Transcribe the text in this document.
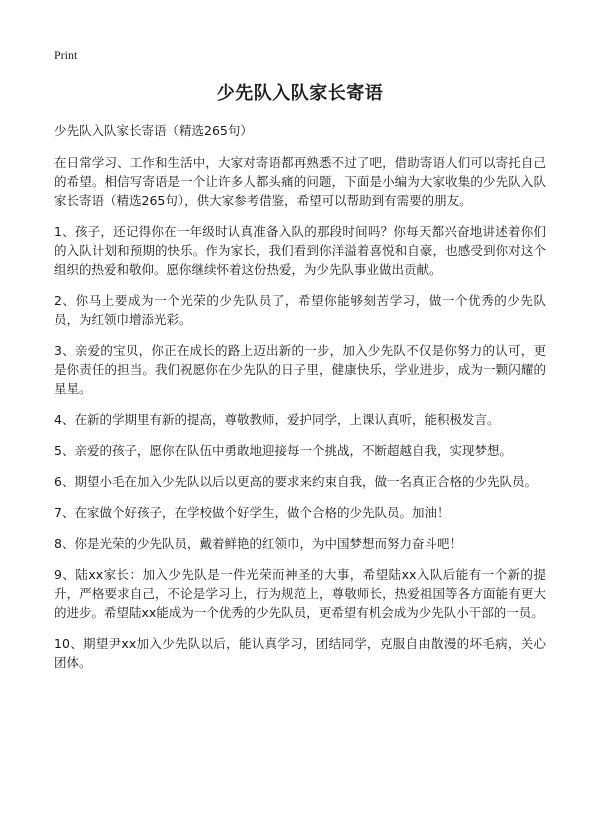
Print
少先队入队家长寄语
少先队入队家长寄语（精选265句）

在日常学习、工作和生活中，大家对寄语都再熟悉不过了吧，借助寄语人们可以寄托自己的希望。相信写寄语是一个让许多人都头痛的问题，下面是小编为大家收集的少先队入队家长寄语（精选265句），供大家参考借鉴，希望可以帮助到有需要的朋友。

1、孩子，还记得你在一年级时认真准备入队的那段时间吗？你每天都兴奋地讲述着你们的入队计划和预期的快乐。作为家长，我们看到你洋溢着喜悦和自豪，也感受到你对这个组织的热爱和敬仰。愿你继续怀着这份热爱，为少先队事业做出贡献。

2、你马上要成为一个光荣的少先队员了，希望你能够刻苦学习，做一个优秀的少先队员，为红领巾增添光彩。

3、亲爱的宝贝，你正在成长的路上迈出新的一步，加入少先队不仅是你努力的认可，更是你责任的担当。我们祝愿你在少先队的日子里，健康快乐，学业进步，成为一颗闪耀的星星。

4、在新的学期里有新的提高，尊敬教师，爱护同学，上课认真听，能积极发言。

5、亲爱的孩子，愿你在队伍中勇敢地迎接每一个挑战，不断超越自我，实现梦想。

6、期望小毛在加入少先队以后以更高的要求来约束自我，做一名真正合格的少先队员。

7、在家做个好孩子，在学校做个好学生，做个合格的少先队员。加油！

8、你是光荣的少先队员，戴着鲜艳的红领巾，为中国梦想而努力奋斗吧！

9、陆xx家长：加入少先队是一件光荣而神圣的大事，希望陆xx入队后能有一个新的提升，严格要求自己，不论是学习上，行为规范上，尊敬师长，热爱祖国等各方面能有更大的进步。希望陆xx能成为一个优秀的少先队员，更希望有机会成为少先队小干部的一员。

10、期望尹xx加入少先队以后，能认真学习，团结同学，克服自由散漫的坏毛病，关心团体。
